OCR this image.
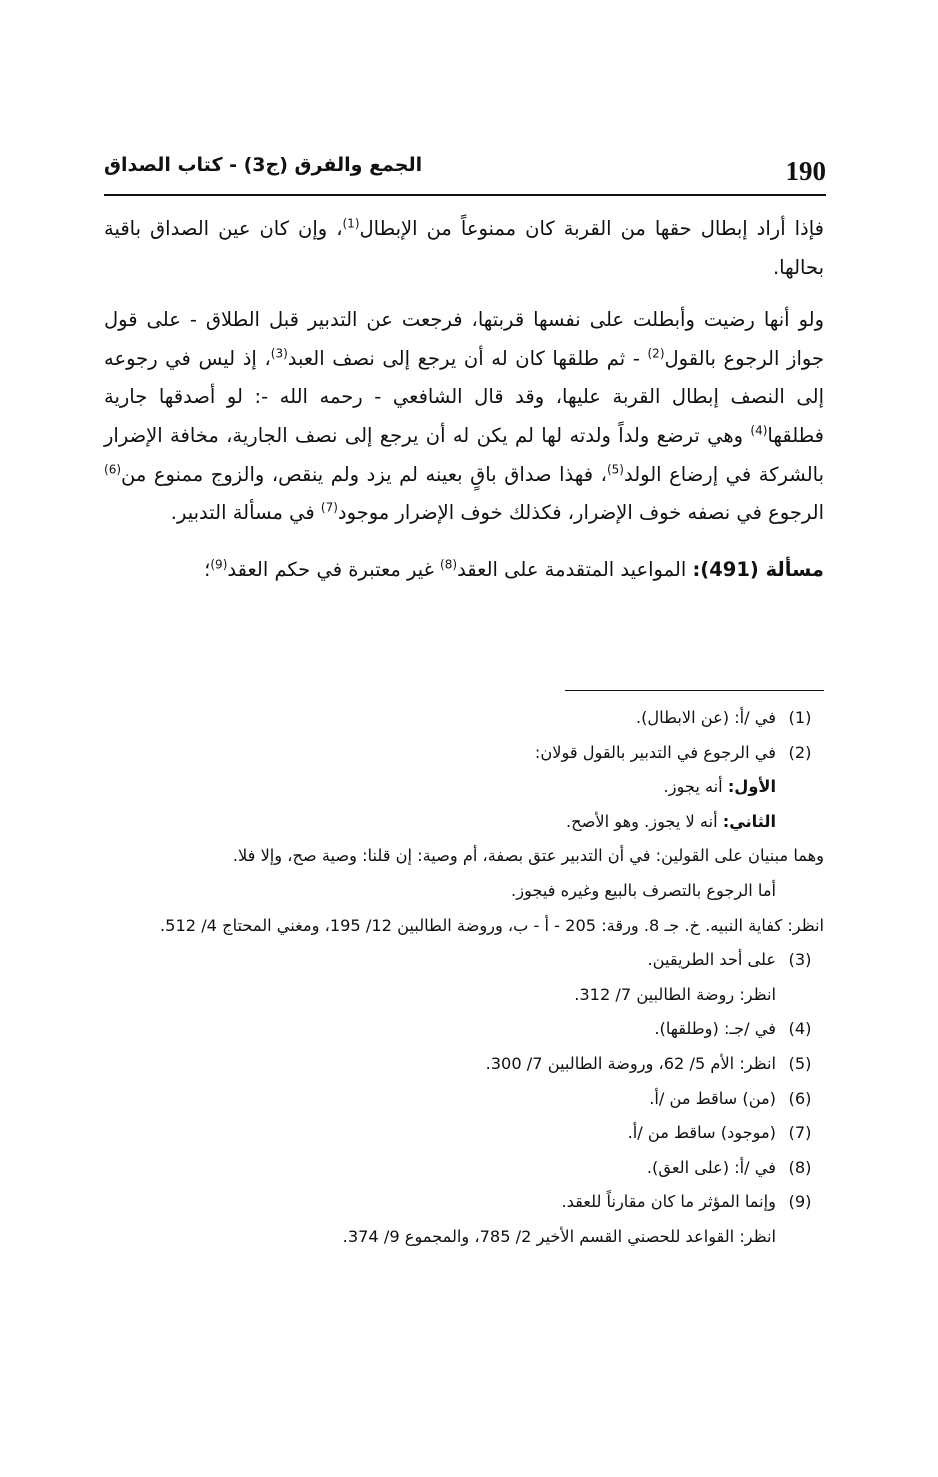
190
الجمع والفرق (ج3) - كتاب الصداق

فإذا أراد إبطال حقها من القربة كان ممنوعاً من الإبطال$^{(1)}$، وإن كان عين الصداق باقية بحالها.

ولو أنها رضيت وأبطلت على نفسها قربتها، فرجعت عن التدبير قبل الطلاق - على قول جواز الرجوع بالقول$^{(2)}$ - ثم طلقها كان له أن يرجع إلى نصف العبد$^{(3)}$، إذ ليس في رجوعه إلى النصف إبطال القربة عليها، وقد قال الشافعي - رحمه الله -: لو أصدقها جارية فطلقها$^{(4)}$ وهي ترضع ولداً ولدته لها لم يكن له أن يرجع إلى نصف الجارية، مخافة الإضرار بالشركة في إرضاع الولد$^{(5)}$، فهذا صداق باقٍ بعينه لم يزد ولم ينقص، والزوج ممنوع من$^{(6)}$ الرجوع في نصفه خوف الإضرار، فكذلك خوف الإضرار موجود$^{(7)}$ في مسألة التدبير.

مسألة (491): المواعيد المتقدمة على العقد$^{(8)}$ غير معتبرة في حكم العقد$^{(9)}$؛

(1)
في /أ: (عن الابطال).
(2)
في الرجوع في التدبير بالقول قولان:
الأول: أنه يجوز.
الثاني: أنه لا يجوز. وهو الأصح.
وهما مبنيان على القولين: في أن التدبير عتق بصفة، أم وصية: إن قلنا: وصية صح، وإلا فلا.
أما الرجوع بالتصرف بالبيع وغيره فيجوز.
انظر: كفاية النبيه. خ. جـ 8. ورقة: 205 - أ - ب، وروضة الطالبين 12/ 195، ومغني المحتاج 4/ 512.
(3)
على أحد الطريقين.
انظر: روضة الطالبين 7/ 312.
(4)
في /جـ: (وطلقها).
(5)
انظر: الأم 5/ 62، وروضة الطالبين 7/ 300.
(6)
(من) ساقط من /أ.
(7)
(موجود) ساقط من /أ.
(8)
في /أ: (على العق).
(9)
وإنما المؤثر ما كان مقارناً للعقد.
انظر: القواعد للحصني القسم الأخير 2/ 785، والمجموع 9/ 374.
